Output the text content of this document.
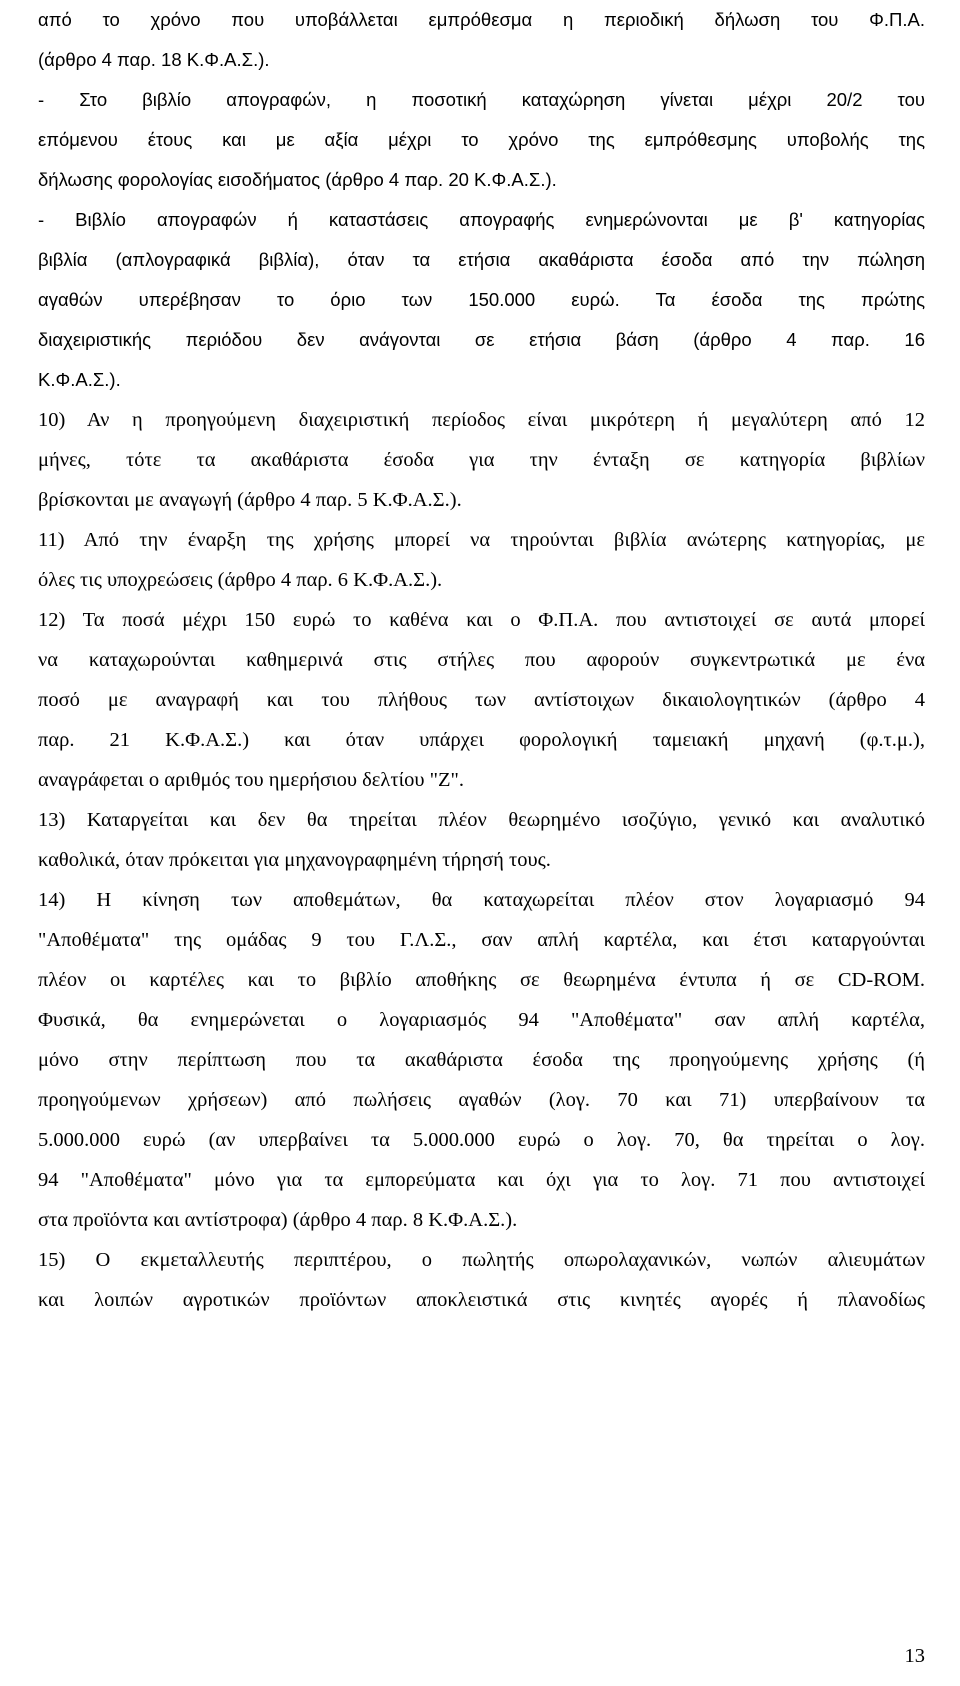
από το χρόνο που υποβάλλεται εμπρόθεσμα η περιοδική δήλωση του Φ.Π.Α.
(άρθρο 4 παρ. 18 Κ.Φ.Α.Σ.).
- Στο βιβλίο απογραφών, η ποσοτική καταχώρηση γίνεται μέχρι 20/2 του
επόμενου έτους και με αξία μέχρι το χρόνο της εμπρόθεσμης υποβολής της
δήλωσης φορολογίας εισοδήματος (άρθρο 4 παρ. 20 Κ.Φ.Α.Σ.).
- Βιβλίο απογραφών ή καταστάσεις απογραφής ενημερώνονται με β' κατηγορίας
βιβλία (απλογραφικά βιβλία), όταν τα ετήσια ακαθάριστα έσοδα από την πώληση
αγαθών υπερέβησαν το όριο των 150.000 ευρώ. Τα έσοδα της πρώτης
διαχειριστικής περιόδου δεν ανάγονται σε ετήσια βάση (άρθρο 4 παρ. 16
Κ.Φ.Α.Σ.).
10) Αν η προηγούμενη διαχειριστική περίοδος είναι μικρότερη ή μεγαλύτερη από 12
μήνες, τότε τα ακαθάριστα έσοδα για την ένταξη σε κατηγορία βιβλίων
βρίσκονται με αναγωγή (άρθρο 4 παρ. 5 Κ.Φ.Α.Σ.).
11) Από την έναρξη της χρήσης μπορεί να τηρούνται βιβλία ανώτερης κατηγορίας, με
όλες τις υποχρεώσεις (άρθρο 4 παρ. 6 Κ.Φ.Α.Σ.).
12) Τα ποσά μέχρι 150 ευρώ το καθένα και ο Φ.Π.Α. που αντιστοιχεί σε αυτά μπορεί
να καταχωρούνται καθημερινά στις στήλες που αφορούν συγκεντρωτικά με ένα
ποσό με αναγραφή και του πλήθους των αντίστοιχων δικαιολογητικών (άρθρο 4
παρ. 21 Κ.Φ.Α.Σ.) και όταν υπάρχει φορολογική ταμειακή μηχανή (φ.τ.μ.),
αναγράφεται ο αριθμός του ημερήσιου δελτίου "Ζ".
13) Καταργείται και δεν θα τηρείται πλέον θεωρημένο ισοζύγιο, γενικό και αναλυτικό
καθολικά, όταν πρόκειται για μηχανογραφημένη τήρησή τους.
14) Η κίνηση των αποθεμάτων, θα καταχωρείται πλέον στον λογαριασμό 94
"Αποθέματα" της ομάδας 9 του Γ.Λ.Σ., σαν απλή καρτέλα, και έτσι καταργούνται
πλέον οι καρτέλες και το βιβλίο αποθήκης σε θεωρημένα έντυπα ή σε CD-ROM.
Φυσικά, θα ενημερώνεται ο λογαριασμός 94 "Αποθέματα" σαν απλή καρτέλα,
μόνο στην περίπτωση που τα ακαθάριστα έσοδα της προηγούμενης χρήσης (ή
προηγούμενων χρήσεων) από πωλήσεις αγαθών (λογ. 70 και 71) υπερβαίνουν τα
5.000.000 ευρώ (αν υπερβαίνει τα 5.000.000 ευρώ ο λογ. 70, θα τηρείται ο λογ.
94 "Αποθέματα" μόνο για τα εμπορεύματα και όχι για το λογ. 71 που αντιστοιχεί
στα προϊόντα και αντίστροφα) (άρθρο 4 παρ. 8 Κ.Φ.Α.Σ.).
15) Ο εκμεταλλευτής περιπτέρου, ο πωλητής οπωρολαχανικών, νωπών αλιευμάτων
και λοιπών αγροτικών προϊόντων αποκλειστικά στις κινητές αγορές ή πλανοδίως
13
